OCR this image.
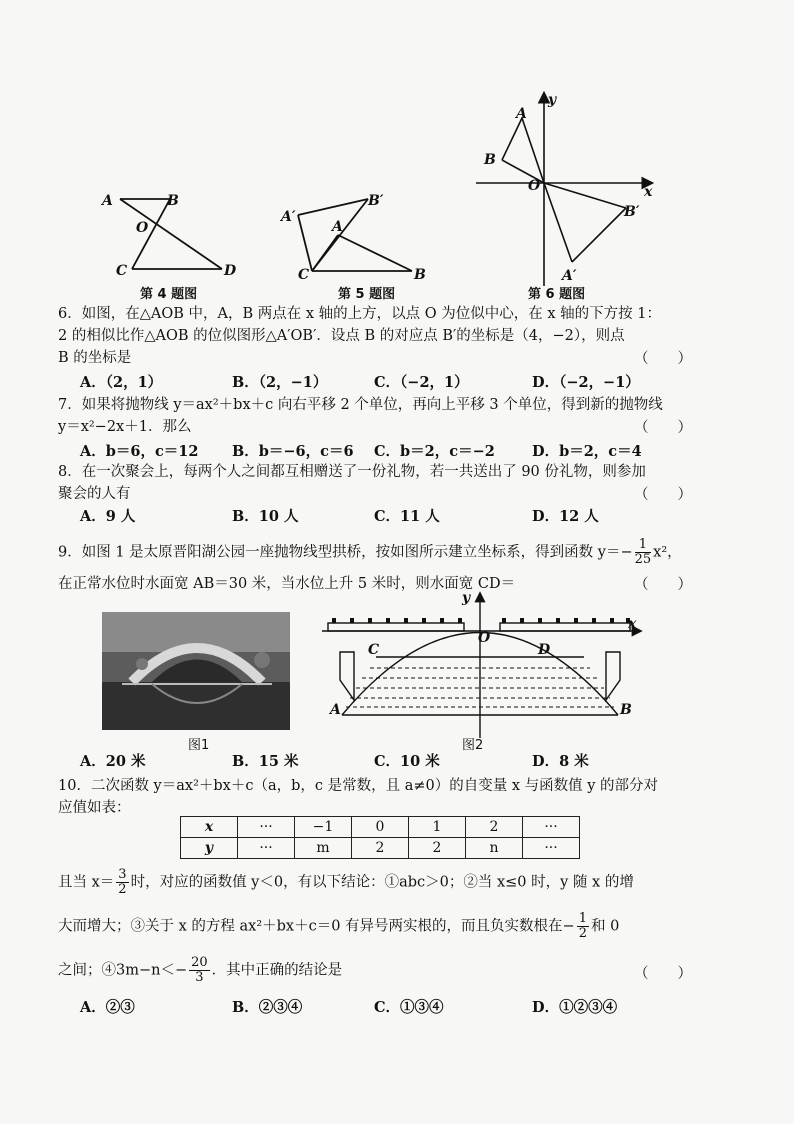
A	B
O
C	D
第 4 题图
A′
B′
A
C	B
第 5 题图
y
A
B
O	x
B′
A′
第 6 题图
6．如图，在△AOB 中，A，B 两点在 x 轴的上方，以点 O 为位似中心，在 x 轴的下方按 1：
2 的相似比作△AOB 的位似图形△A′OB′．设点 B 的对应点 B′的坐标是（4，−2），则点
B 的坐标是	（　　）
A．（2，1）	B．（2，−1）	C．（−2，1）	D．（−2，−1）
7．如果将抛物线 y＝ax²＋bx＋c 向右平移 2 个单位，再向上平移 3 个单位，得到新的抛物线
y＝x²−2x＋1．那么	（　　）
A．b＝6，c＝12 B．b＝−6，c＝6 C．b＝2，c＝−2	D．b＝2，c＝4
8．在一次聚会上，每两个人之间都互相赠送了一份礼物，若一共送出了 90 份礼物，则参加
聚会的人有	（　　）
A．9 人	B．10 人	C．11 人	D．12 人
9．如图 1 是太原晋阳湖公园一座抛物线型拱桥，按如图所示建立坐标系，得到函数 $y=- \frac{1}{25} x^2$，
在正常水位时水面宽 AB＝30 米，当水位上升 5 米时，则水面宽 CD＝	（　　）
图1
y
O
x
C	D
A	B
图2
A．20 米	B．15 米	C．10 米	D．8 米
10．二次函数 y＝ax²＋bx＋c（a，b，c 是常数，且 a≠0）的自变量 x 与函数值 y 的部分对
应值如表：
x	···	−1	0	1	2	···
y	···	m	2	2	n	···
且当 $x= \frac{3}{2}$ 时，对应的函数值 y＜0，有以下结论：①abc＞0；②当 x≤0 时，y 随 x 的增
大而增大；③关于 x 的方程 ax²＋bx＋c＝0 有异号两实根的，而且负实数根在− $\frac{1}{2}$ 和 0
之间；④3m−n＜− $\frac{20}{3}$ ．其中正确的结论是	（　　）
A．②③	B．②③④	C．①③④	D．①②③④
